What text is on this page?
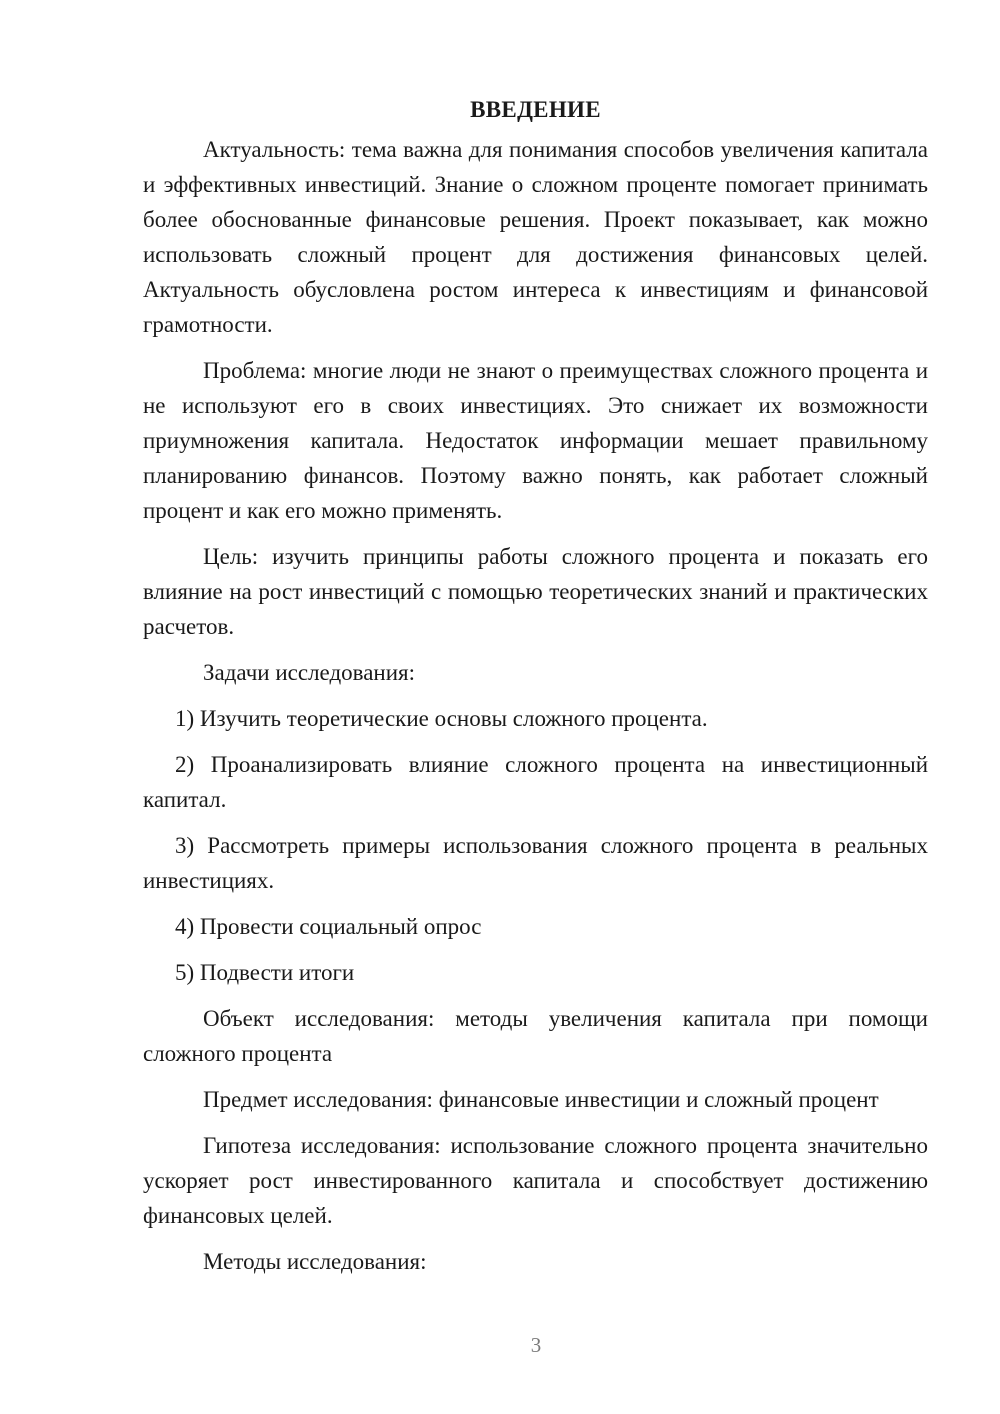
ВВЕДЕНИЕ

Актуальность: тема важна для понимания способов увеличения капитала и эффективных инвестиций. Знание о сложном проценте помогает принимать более обоснованные финансовые решения. Проект показывает, как можно использовать сложный процент для достижения финансовых целей. Актуальность обусловлена ростом интереса к инвестициям и финансовой грамотности.

Проблема: многие люди не знают о преимуществах сложного процента и не используют его в своих инвестициях. Это снижает их возможности приумножения капитала. Недостаток информации мешает правильному планированию финансов. Поэтому важно понять, как работает сложный процент и как его можно применять.

Цель: изучить принципы работы сложного процента и показать его влияние на рост инвестиций с помощью теоретических знаний и практических расчетов.

Задачи исследования:

1) Изучить теоретические основы сложного процента.

2) Проанализировать влияние сложного процента на инвестиционный капитал.

3) Рассмотреть примеры использования сложного процента в реальных инвестициях.

4) Провести социальный опрос

5) Подвести итоги

Объект исследования: методы увеличения капитала при помощи сложного процента

Предмет исследования: финансовые инвестиции и сложный процент

Гипотеза исследования: использование сложного процента значительно ускоряет рост инвестированного капитала и способствует достижению финансовых целей.

Методы исследования:

3
